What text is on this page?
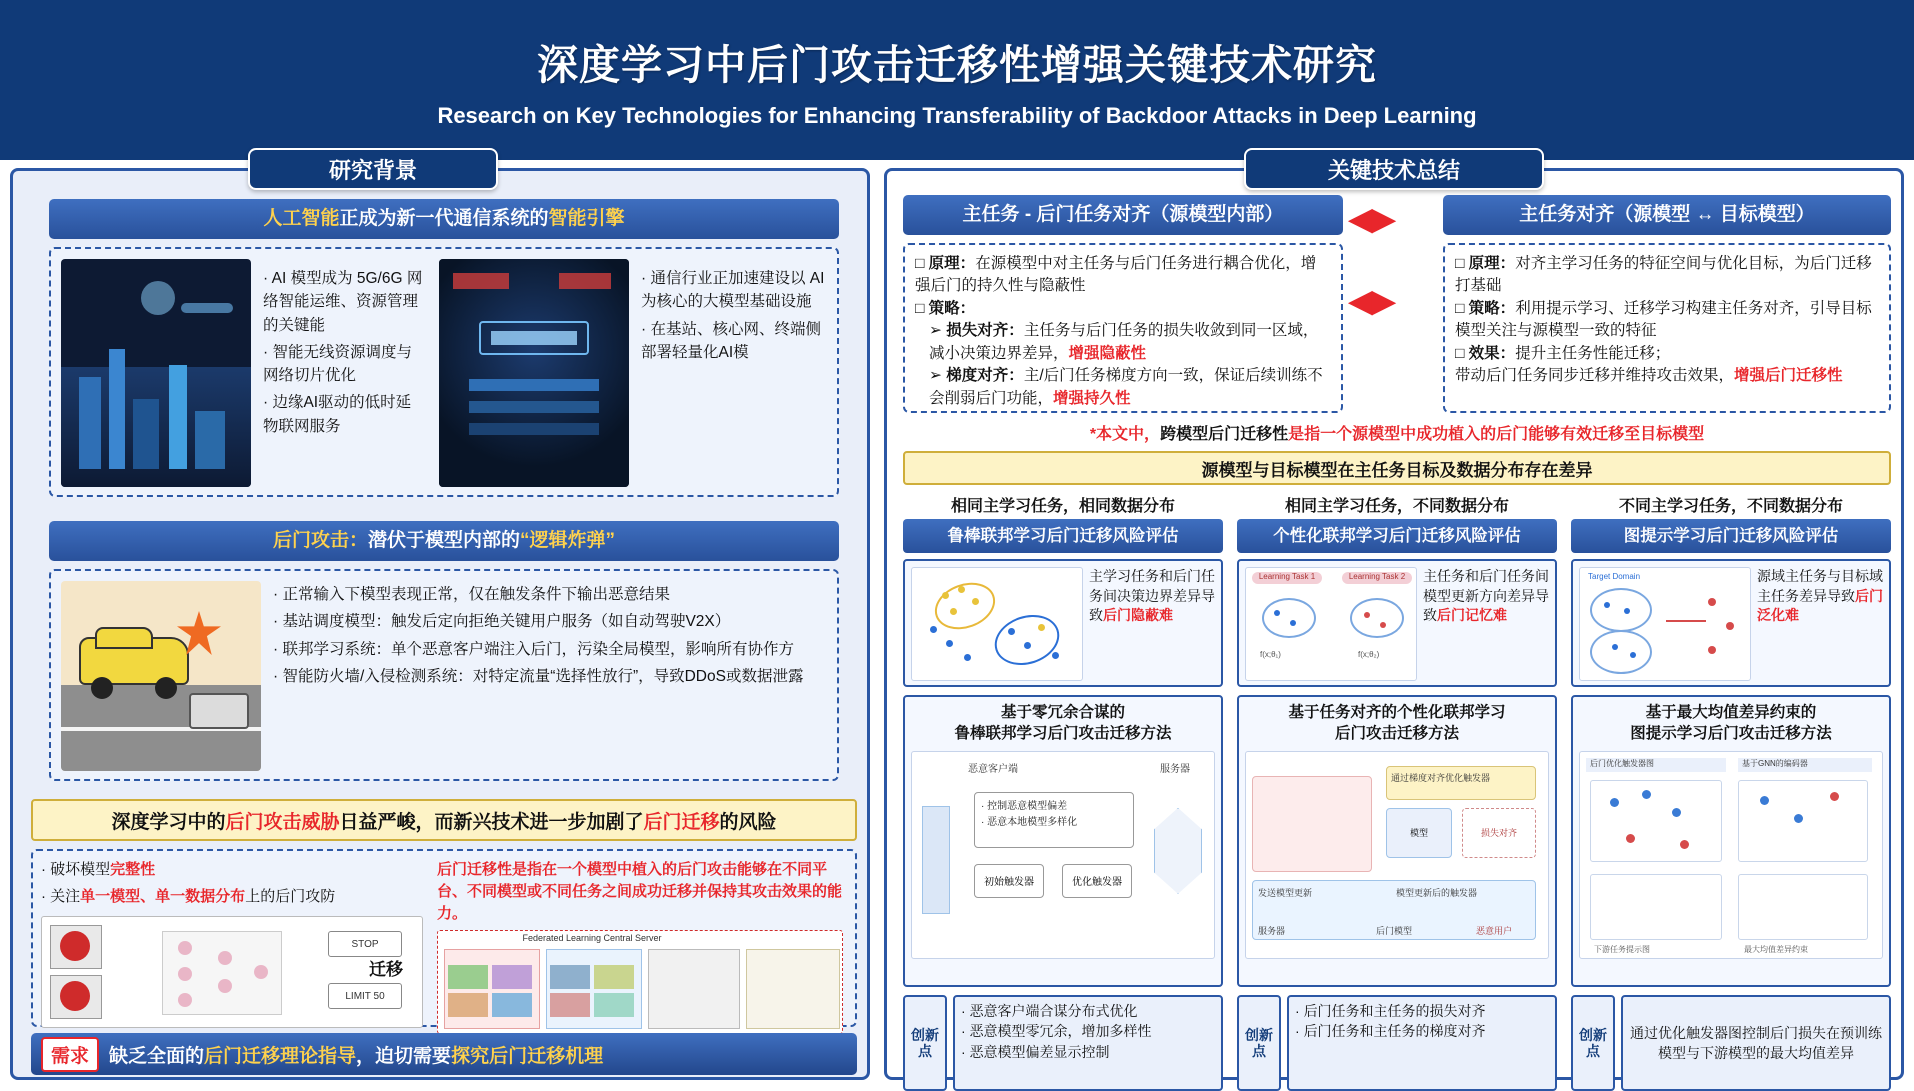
深度学习中后门攻击迁移性增强关键技术研究
Research on Key Technologies for Enhancing Transferability of Backdoor Attacks in Deep Learning
人工智能 正成为新一代通信系统的 智能引擎
· AI 模型成为 5G/6G 网络智能运维、资源管理的关键能
· 智能无线资源调度与网络切片优化
· 边缘AI驱动的低时延物联网服务
· 通信行业正加速建设以 AI 为核心的大模型基础设施
· 在基站、核心网、终端侧部署轻量化AI模
后门攻击： 潜伏于模型内部的 “逻辑炸弹”
· 正常输入下模型表现正常，仅在触发条件下输出恶意结果
· 基站调度模型：触发后定向拒绝关键用户服务（如自动驾驶V2X）
· 联邦学习系统：单个恶意客户端注入后门，污染全局模型，影响所有协作方
· 智能防火墙/入侵检测系统：对特定流量“选择性放行”，导致DDoS或数据泄露
深度学习中的后门攻击威胁日益严峻，而新兴技术进一步加剧了后门迁移的风险
· 破坏模型完整性
· 关注单一模型、单一数据分布上的后门攻防
STOP
LIMIT 50
后门迁移性是指在一个模型中植入的后门攻击能够在不同平台、不同模型或不同任务之间成功迁移并保持其攻击效果的能力。
Federated Learning Central Server
迁移
需求	缺乏全面的后门迁移理论指导，迫切需要探究后门迁移机理
研究背景
主任务 - 后门任务对齐（源模型内部）
□ 原理：在源模型中对主任务与后门任务进行耦合优化，增强后门的持久性与隐蔽性
□ 策略：
➢ 损失对齐：主任务与后门任务的损失收敛到同一区域，减小决策边界差异，增强隐蔽性
➢ 梯度对齐：主/后门任务梯度方向一致，保证后续训练不会削弱后门功能，增强持久性
◀▶
◀▶
主任务对齐（源模型 ↔ 目标模型）
□ 原理：对齐主学习任务的特征空间与优化目标，为后门迁移打基础
□ 策略：利用提示学习、迁移学习构建主任务对齐，引导目标模型关注与源模型一致的特征
□ 效果：提升主任务性能迁移；
带动后门任务同步迁移并维持攻击效果，增强后门迁移性
*本文中， 跨模型后门迁移性 是指一个 源模型 中成功植入的 后门 能够有效迁移至 目标模型
源模型与目标模型在主任务目标及数据分布存在差异
相同主学习任务，相同数据分布	相同主学习任务，不同数据分布	不同主学习任务，不同数据分布
鲁棒联邦学习后门迁移风险评估
主学习任务和后门任务间决策边界差异导致后门隐蔽难
基于零冗余合谋的
鲁棒联邦学习后门攻击迁移方法
恶意客户端	服务器
· 控制恶意模型偏差
· 恶意本地模型多样化
初始触发器	优化触发器
创新点
· 恶意客户端合谋分布式优化
· 恶意模型零冗余，增加多样性
· 恶意模型偏差显示控制
个性化联邦学习后门迁移风险评估
Learning Task 1	Learning Task 2
f(x;θ₁)	f(x;θ₂)
主任务和后门任务间模型更新方向差异导致后门记忆难
基于任务对齐的个性化联邦学习
后门攻击迁移方法
通过梯度对齐优化触发器
模型	损失对齐
发送模型更新	模型更新后的触发器
服务器	后门模型	恶意用户
创新点
· 后门任务和主任务的损失对齐
· 后门任务和主任务的梯度对齐
图提示学习后门迁移风险评估
Target Domain	源域主任务与目标域主任务差异导致后门泛化难
基于最大均值差异约束的
图提示学习后门攻击迁移方法
后门优化触发器图	基于GNN的编码器
下游任务提示图	最大均值差异约束
创新点
通过优化触发器图控制后门损失在预训练模型与下游模型的最大均值差异
关键技术总结
